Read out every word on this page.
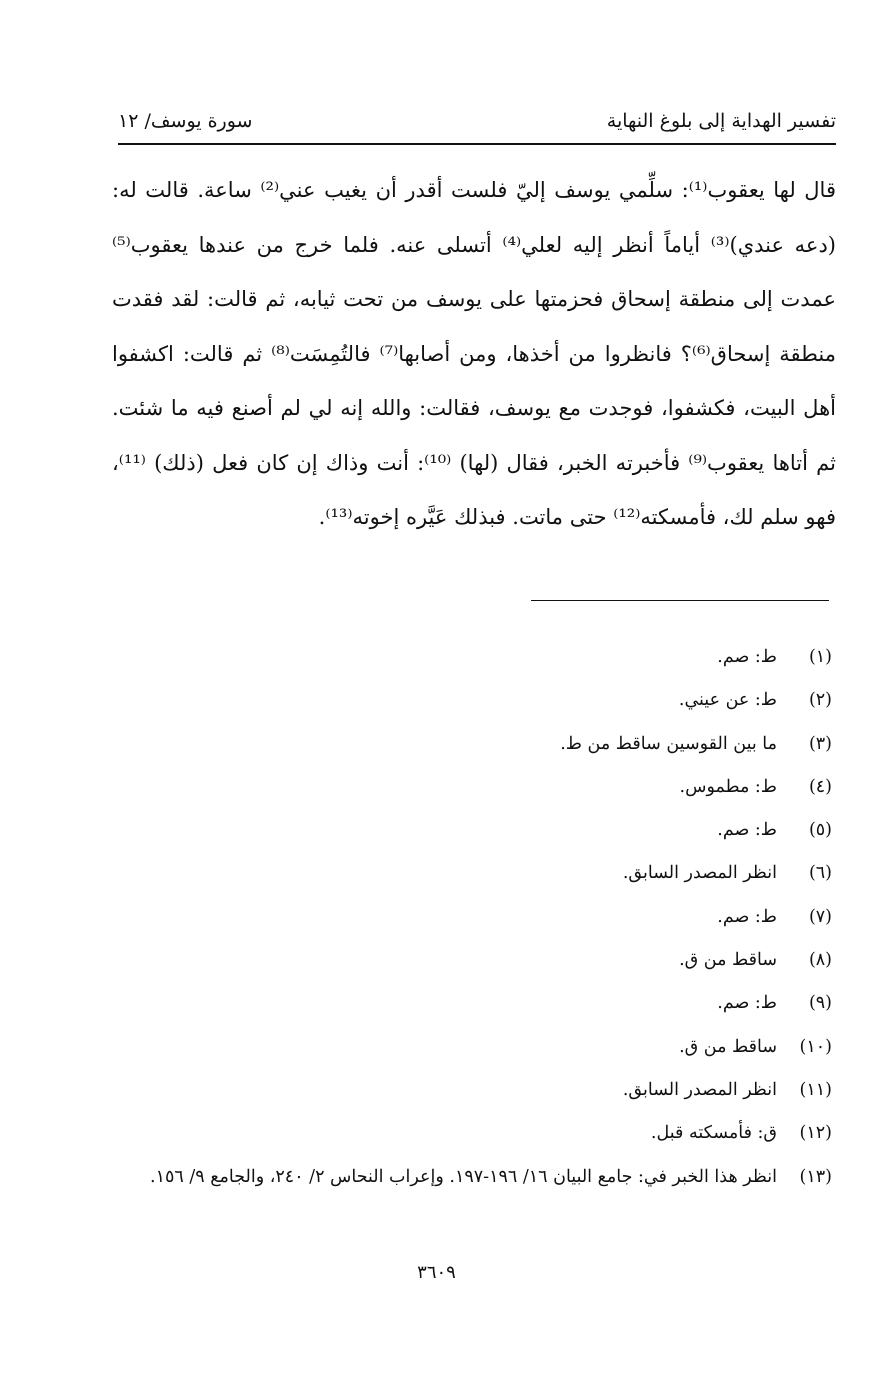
تفسير الهداية إلى بلوغ النهاية
سورة يوسف/ ١٢
قال لها يعقوب⁽¹⁾: سلِّمي يوسف إليّ فلست أقدر أن يغيب عني⁽²⁾ ساعة. قالت له: (دعه عندي)⁽³⁾ أياماً أنظر إليه لعلي⁽⁴⁾ أتسلى عنه. فلما خرج من عندها يعقوب⁽⁵⁾ عمدت إلى منطقة إسحاق فحزمتها على يوسف من تحت ثيابه، ثم قالت: لقد فقدت منطقة إسحاق⁽⁶⁾؟ فانظروا من أخذها، ومن أصابها⁽⁷⁾ فالتُمِسَت⁽⁸⁾ ثم قالت: اكشفوا أهل البيت، فكشفوا، فوجدت مع يوسف، فقالت: والله إنه لي لم أصنع فيه ما شئت. ثم أتاها يعقوب⁽⁹⁾ فأخبرته الخبر، فقال (لها) ⁽¹⁰⁾: أنت وذاك إن كان فعل (ذلك) ⁽¹¹⁾، فهو سلم لك، فأمسكته⁽¹²⁾ حتى ماتت. فبذلك عَيَّره إخوته⁽¹³⁾.
(١)
ط: صم.
(٢)
ط: عن عيني.
(٣)
ما بين القوسين ساقط من ط.
(٤)
ط: مطموس.
(٥)
ط: صم.
(٦)
انظر المصدر السابق.
(٧)
ط: صم.
(٨)
ساقط من ق.
(٩)
ط: صم.
(١٠)
ساقط من ق.
(١١)
انظر المصدر السابق.
(١٢)
ق: فأمسكته قبل.
(١٣)
انظر هذا الخبر في: جامع البيان ١٦/ ١٩٦-١٩٧. وإعراب النحاس ٢/ ٢٤٠، والجامع ٩/ ١٥٦.
٣٦٠٩
